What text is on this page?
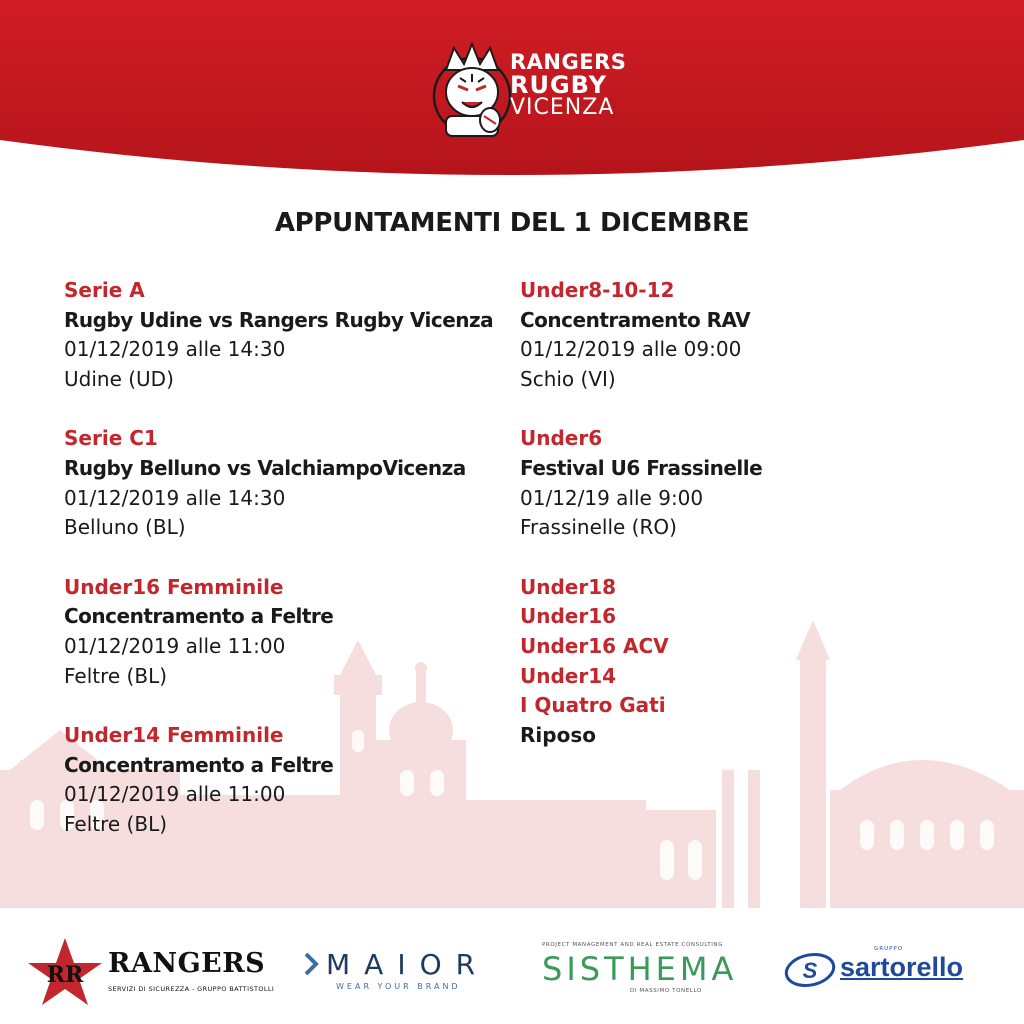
RANGERS
RUGBY
VICENZA
APPUNTAMENTI DEL 1 DICEMBRE
Serie A
Rugby Udine vs Rangers Rugby Vicenza
01/12/2019 alle 14:30
Udine (UD)
Serie C1
Rugby Belluno vs ValchiampoVicenza
01/12/2019 alle 14:30
Belluno (BL)
Under16 Femminile
Concentramento a Feltre
01/12/2019 alle 11:00
Feltre (BL)
Under14 Femminile
Concentramento a Feltre
01/12/2019 alle 11:00
Feltre (BL)
Under8-10-12
Concentramento RAV
01/12/2019 alle 09:00
Schio (VI)
Under6
Festival U6 Frassinelle
01/12/19 alle 9:00
Frassinelle (RO)
Under18
Under16
Under16 ACV
Under14
I Quatro Gati
Riposo
RR RANGERS
SERVIZI DI SICUREZZA - GRUPPO BATTISTOLLI
MAIOR
WEAR YOUR BRAND
PROJECT MANAGEMENT AND REAL ESTATE CONSULTING
SISTHEMA
DI MASSIMO TONELLO
S
GRUPPO
sartorello
